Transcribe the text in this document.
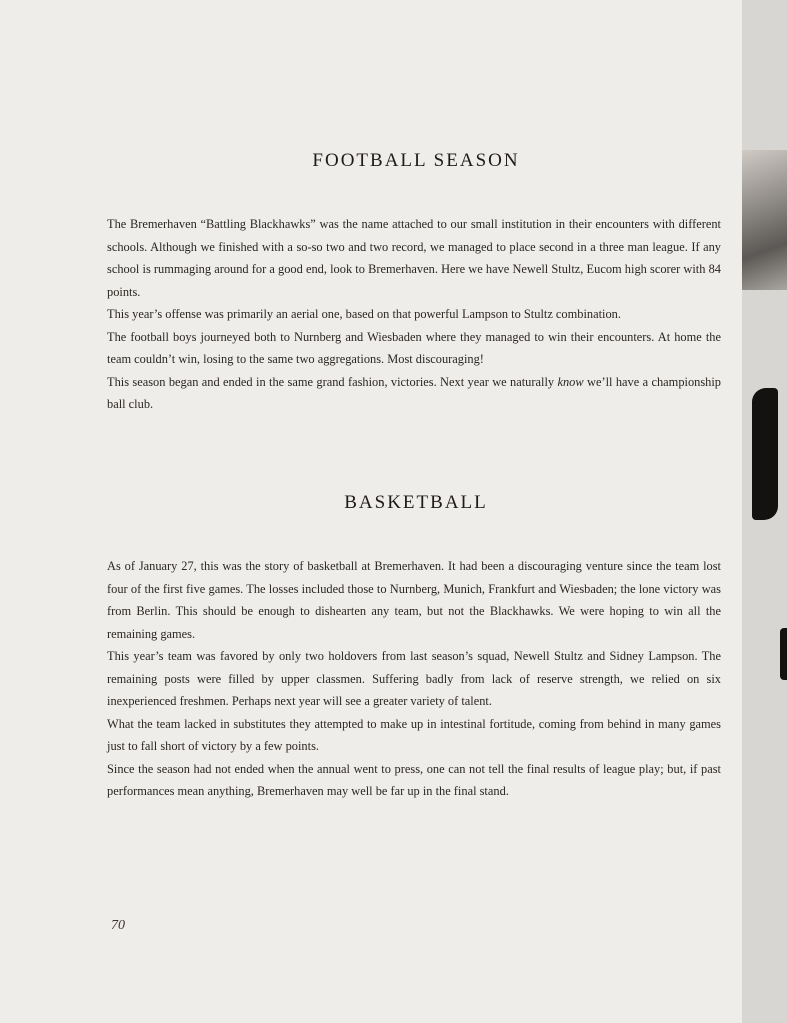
FOOTBALL SEASON

The Bremerhaven “Battling Blackhawks” was the name attached to our small institution in their encounters with different schools. Although we finished with a so-so two and two record, we managed to place second in a three man league. If any school is rummaging around for a good end, look to Bremerhaven. Here we have Newell Stultz, Eucom high scorer with 84 points.

This year’s offense was primarily an aerial one, based on that powerful Lampson to Stultz combination.

The football boys journeyed both to Nurnberg and Wiesbaden where they managed to win their encounters. At home the team couldn’t win, losing to the same two aggregations. Most discouraging!

This season began and ended in the same grand fashion, victories. Next year we naturally know we’ll have a championship ball club.

BASKETBALL

As of January 27, this was the story of basketball at Bremerhaven. It had been a discouraging venture since the team lost four of the first five games. The losses included those to Nurnberg, Munich, Frankfurt and Wiesbaden; the lone victory was from Berlin. This should be enough to dishearten any team, but not the Blackhawks. We were hoping to win all the remaining games.

This year’s team was favored by only two holdovers from last season’s squad, Newell Stultz and Sidney Lampson. The remaining posts were filled by upper classmen. Suffering badly from lack of reserve strength, we relied on six inexperienced freshmen. Perhaps next year will see a greater variety of talent.

What the team lacked in substitutes they attempted to make up in intestinal fortitude, coming from behind in many games just to fall short of victory by a few points.

Since the season had not ended when the annual went to press, one can not tell the final results of league play; but, if past performances mean anything, Bremerhaven may well be far up in the final stand.

70
